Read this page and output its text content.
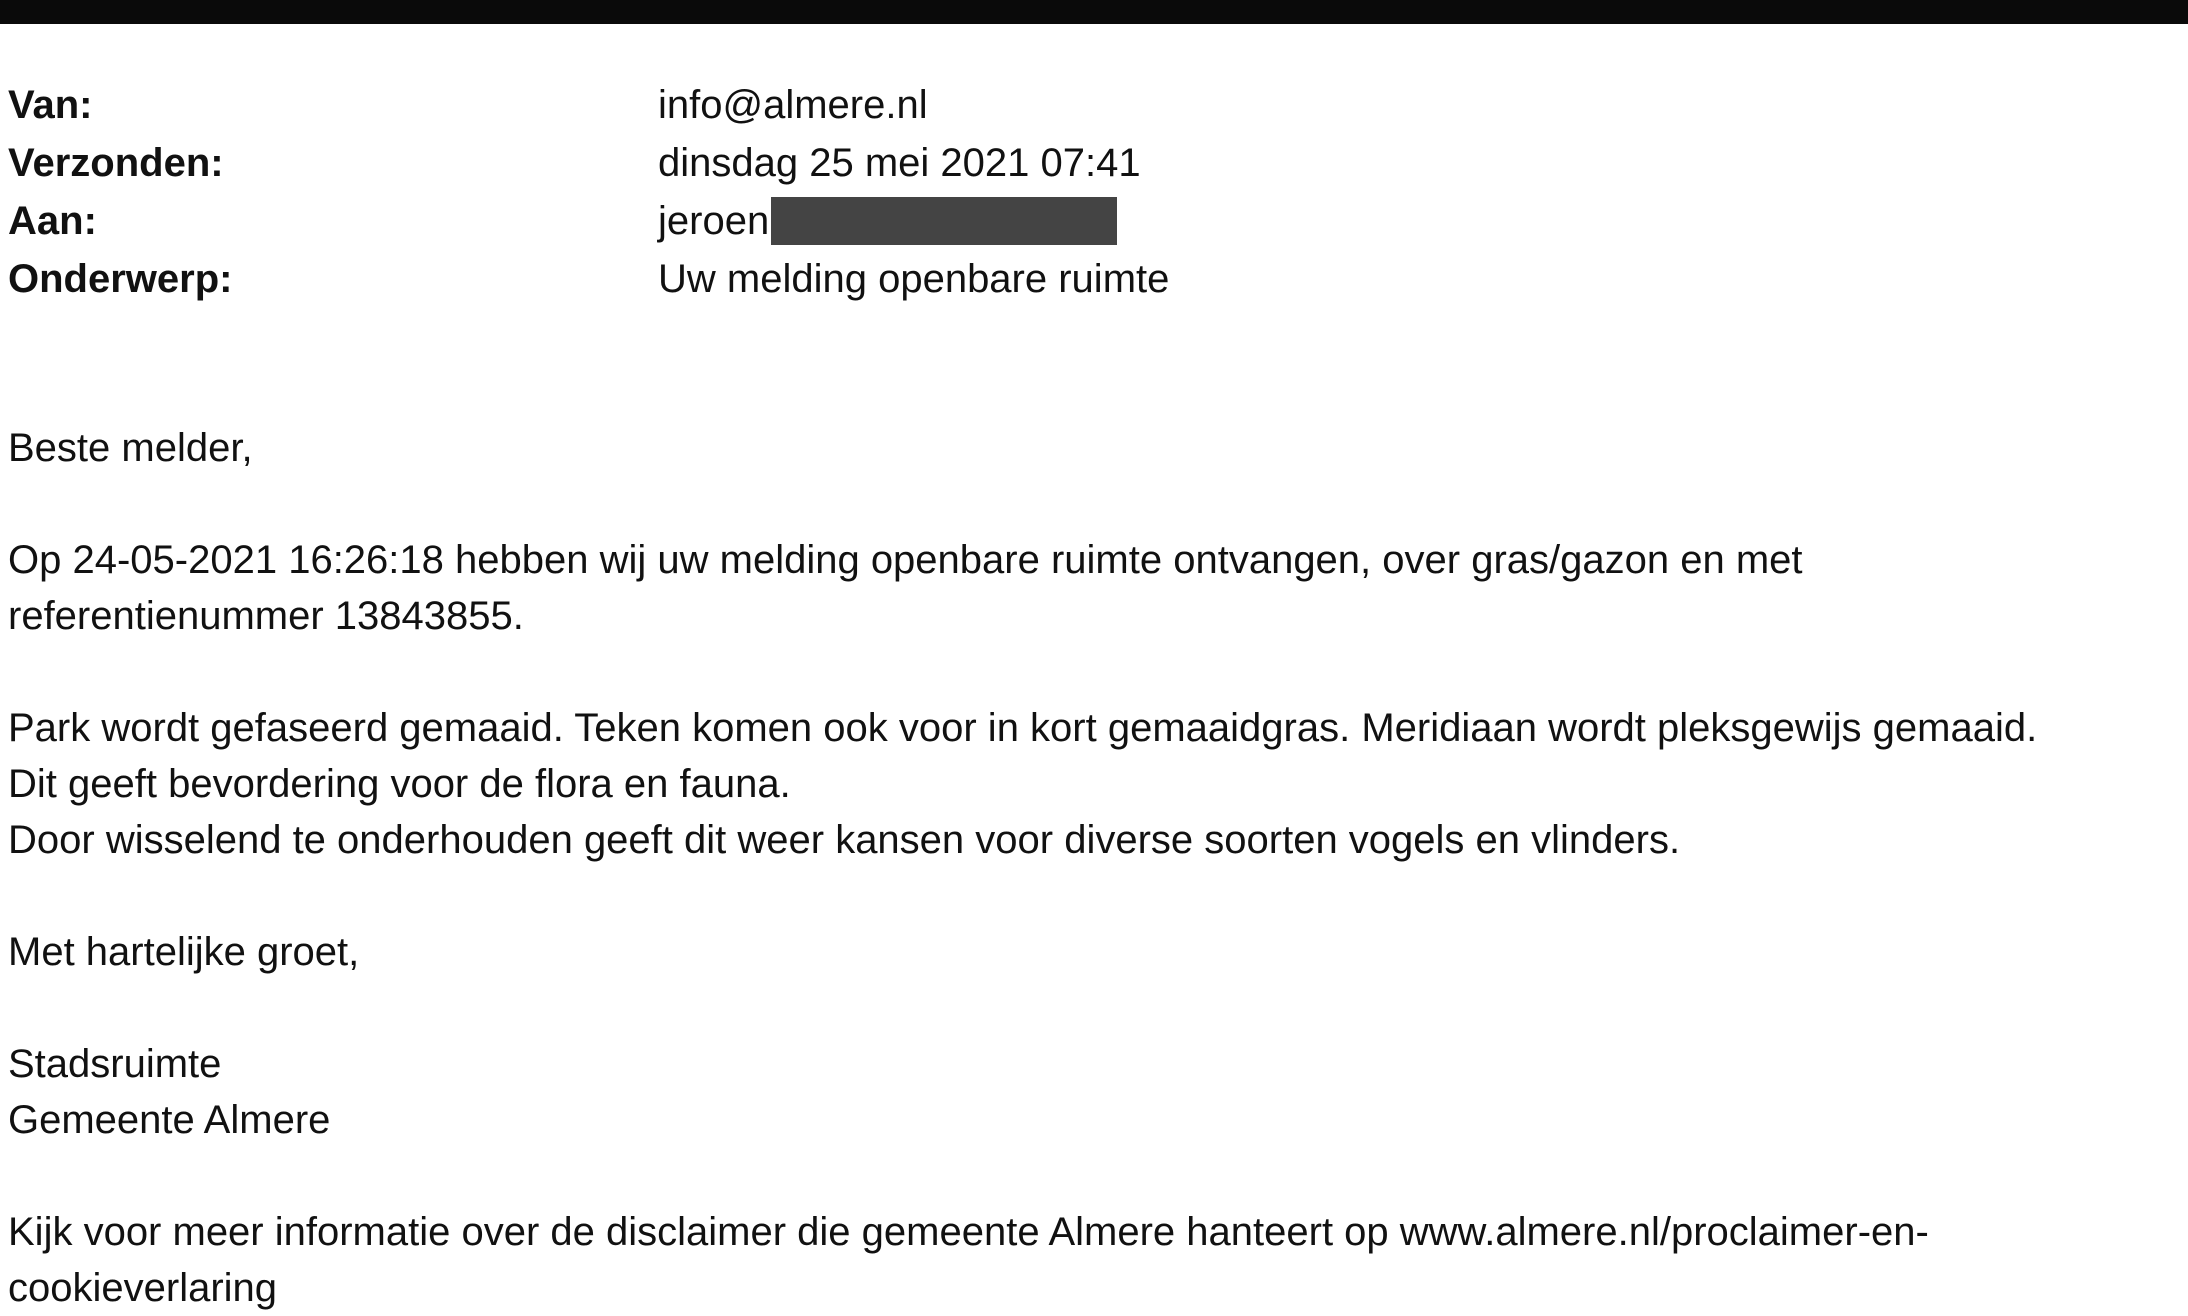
Van:	info@almere.nl
Verzonden:	dinsdag 25 mei 2021 07:41
Aan:	jeroen
Onderwerp:	Uw melding openbare ruimte

Beste melder,

Op 24-05-2021 16:26:18 hebben wij uw melding openbare ruimte ontvangen, over gras/gazon en met
referentienummer 13843855.

Park wordt gefaseerd gemaaid. Teken komen ook voor in kort gemaaidgras. Meridiaan wordt pleksgewijs gemaaid.
Dit geeft bevordering voor de flora en fauna.
Door wisselend te onderhouden geeft dit weer kansen voor diverse soorten vogels en vlinders.

Met hartelijke groet,

Stadsruimte
Gemeente Almere

Kijk voor meer informatie over de disclaimer die gemeente Almere hanteert op www.almere.nl/proclaimer-en-
cookieverlaring
